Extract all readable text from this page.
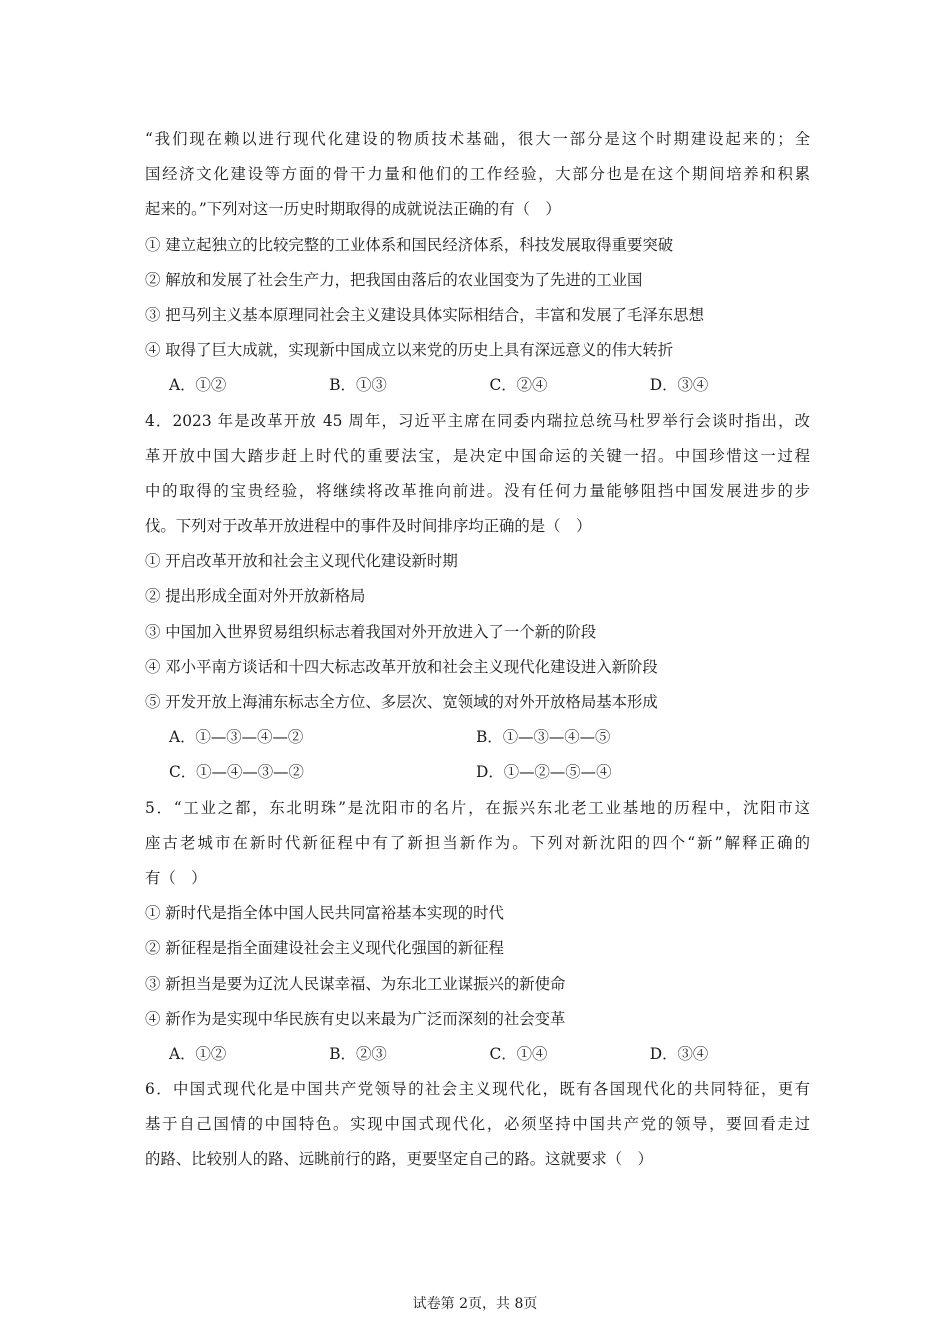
“我们现在赖以进行现代化建设的物质技术基础，很大一部分是这个时期建设起来的；全
国经济文化建设等方面的骨干力量和他们的工作经验，大部分也是在这个期间培养和积累
起来的。”下列对这一历史时期取得的成就说法正确的有（　）
① 建立起独立的比较完整的工业体系和国民经济体系，科技发展取得重要突破
② 解放和发展了社会生产力，把我国由落后的农业国变为了先进的工业国
③ 把马列主义基本原理同社会主义建设具体实际相结合，丰富和发展了毛泽东思想
④ 取得了巨大成就，实现新中国成立以来党的历史上具有深远意义的伟大转折
A．①②	B．①③	C．②④	D．③④
4．2023 年是改革开放 45 周年，习近平主席在同委内瑞拉总统马杜罗举行会谈时指出，改
革开放中国大踏步赶上时代的重要法宝，是决定中国命运的关键一招。中国珍惜这一过程
中的取得的宝贵经验，将继续将改革推向前进。没有任何力量能够阻挡中国发展进步的步
伐。下列对于改革开放进程中的事件及时间排序均正确的是（　）
① 开启改革开放和社会主义现代化建设新时期
② 提出形成全面对外开放新格局
③ 中国加入世界贸易组织标志着我国对外开放进入了一个新的阶段
④ 邓小平南方谈话和十四大标志改革开放和社会主义现代化建设进入新阶段
⑤ 开发开放上海浦东标志全方位、多层次、宽领域的对外开放格局基本形成
A．①—③—④—②	B．①—③—④—⑤
C．①—④—③—②	D．①—②—⑤—④
5．“工业之都，东北明珠”是沈阳市的名片，在振兴东北老工业基地的历程中，沈阳市这
座古老城市在新时代新征程中有了新担当新作为。下列对新沈阳的四个“新”解释正确的
有（　）
① 新时代是指全体中国人民共同富裕基本实现的时代
② 新征程是指全面建设社会主义现代化强国的新征程
③ 新担当是要为辽沈人民谋幸福、为东北工业谋振兴的新使命
④ 新作为是实现中华民族有史以来最为广泛而深刻的社会变革
A．①②	B．②③	C．①④	D．③④
6．中国式现代化是中国共产党领导的社会主义现代化，既有各国现代化的共同特征，更有
基于自己国情的中国特色。实现中国式现代化，必须坚持中国共产党的领导，要回看走过
的路、比较别人的路、远眺前行的路，更要坚定自己的路。这就要求（　）
试卷第 2页，共 8页
